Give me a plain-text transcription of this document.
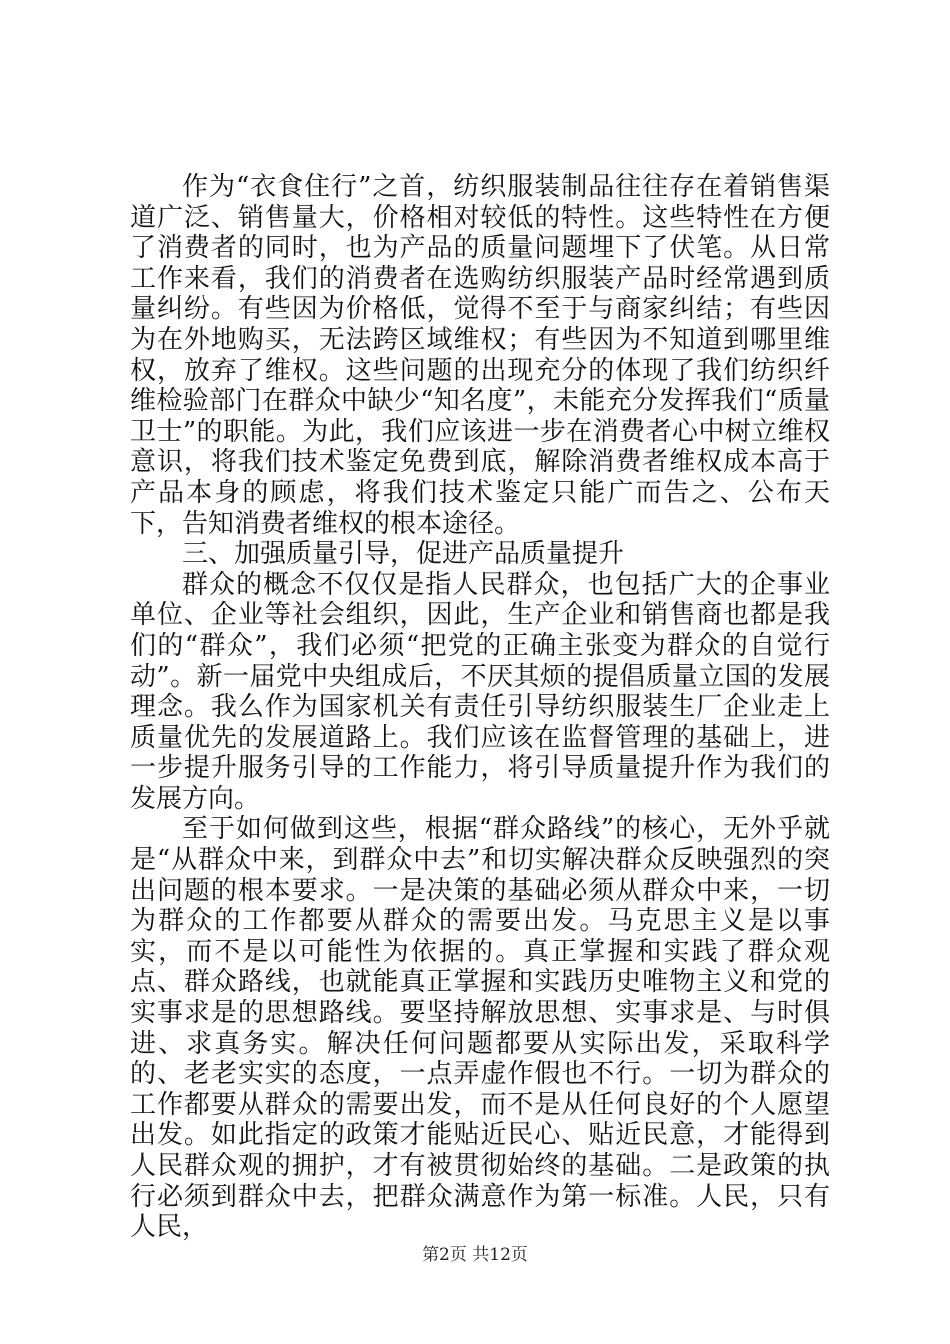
作为“衣食住行”之首，纺织服装制品往往存在着销售渠道广泛、销售量大，价格相对较低的特性。这些特性在方便了消费者的同时，也为产品的质量问题埋下了伏笔。从日常工作来看，我们的消费者在选购纺织服装产品时经常遇到质量纠纷。有些因为价格低，觉得不至于与商家纠结；有些因为在外地购买，无法跨区域维权；有些因为不知道到哪里维权，放弃了维权。这些问题的出现充分的体现了我们纺织纤维检验部门在群众中缺少“知名度”，未能充分发挥我们“质量卫士”的职能。为此，我们应该进一步在消费者心中树立维权意识，将我们技术鉴定免费到底，解除消费者维权成本高于产品本身的顾虑，将我们技术鉴定只能广而告之、公布天下，告知消费者维权的根本途径。

三、加强质量引导，促进产品质量提升

群众的概念不仅仅是指人民群众，也包括广大的企事业单位、企业等社会组织，因此，生产企业和销售商也都是我们的“群众”，我们必须“把党的正确主张变为群众的自觉行动”。新一届党中央组成后，不厌其烦的提倡质量立国的发展理念。我么作为国家机关有责任引导纺织服装生厂企业走上质量优先的发展道路上。我们应该在监督管理的基础上，进一步提升服务引导的工作能力，将引导质量提升作为我们的发展方向。

至于如何做到这些，根据“群众路线”的核心，无外乎就是“从群众中来，到群众中去”和切实解决群众反映强烈的突出问题的根本要求。一是决策的基础必须从群众中来，一切为群众的工作都要从群众的需要出发。马克思主义是以事实，而不是以可能性为依据的。真正掌握和实践了群众观点、群众路线，也就能真正掌握和实践历史唯物主义和党的实事求是的思想路线。要坚持解放思想、实事求是、与时俱进、求真务实。解决任何问题都要从实际出发，采取科学的、老老实实的态度，一点弄虚作假也不行。一切为群众的工作都要从群众的需要出发，而不是从任何良好的个人愿望出发。如此指定的政策才能贴近民心、贴近民意，才能得到人民群众观的拥护，才有被贯彻始终的基础。二是政策的执行必须到群众中去，把群众满意作为第一标准。人民，只有人民，

第2页 共12页
